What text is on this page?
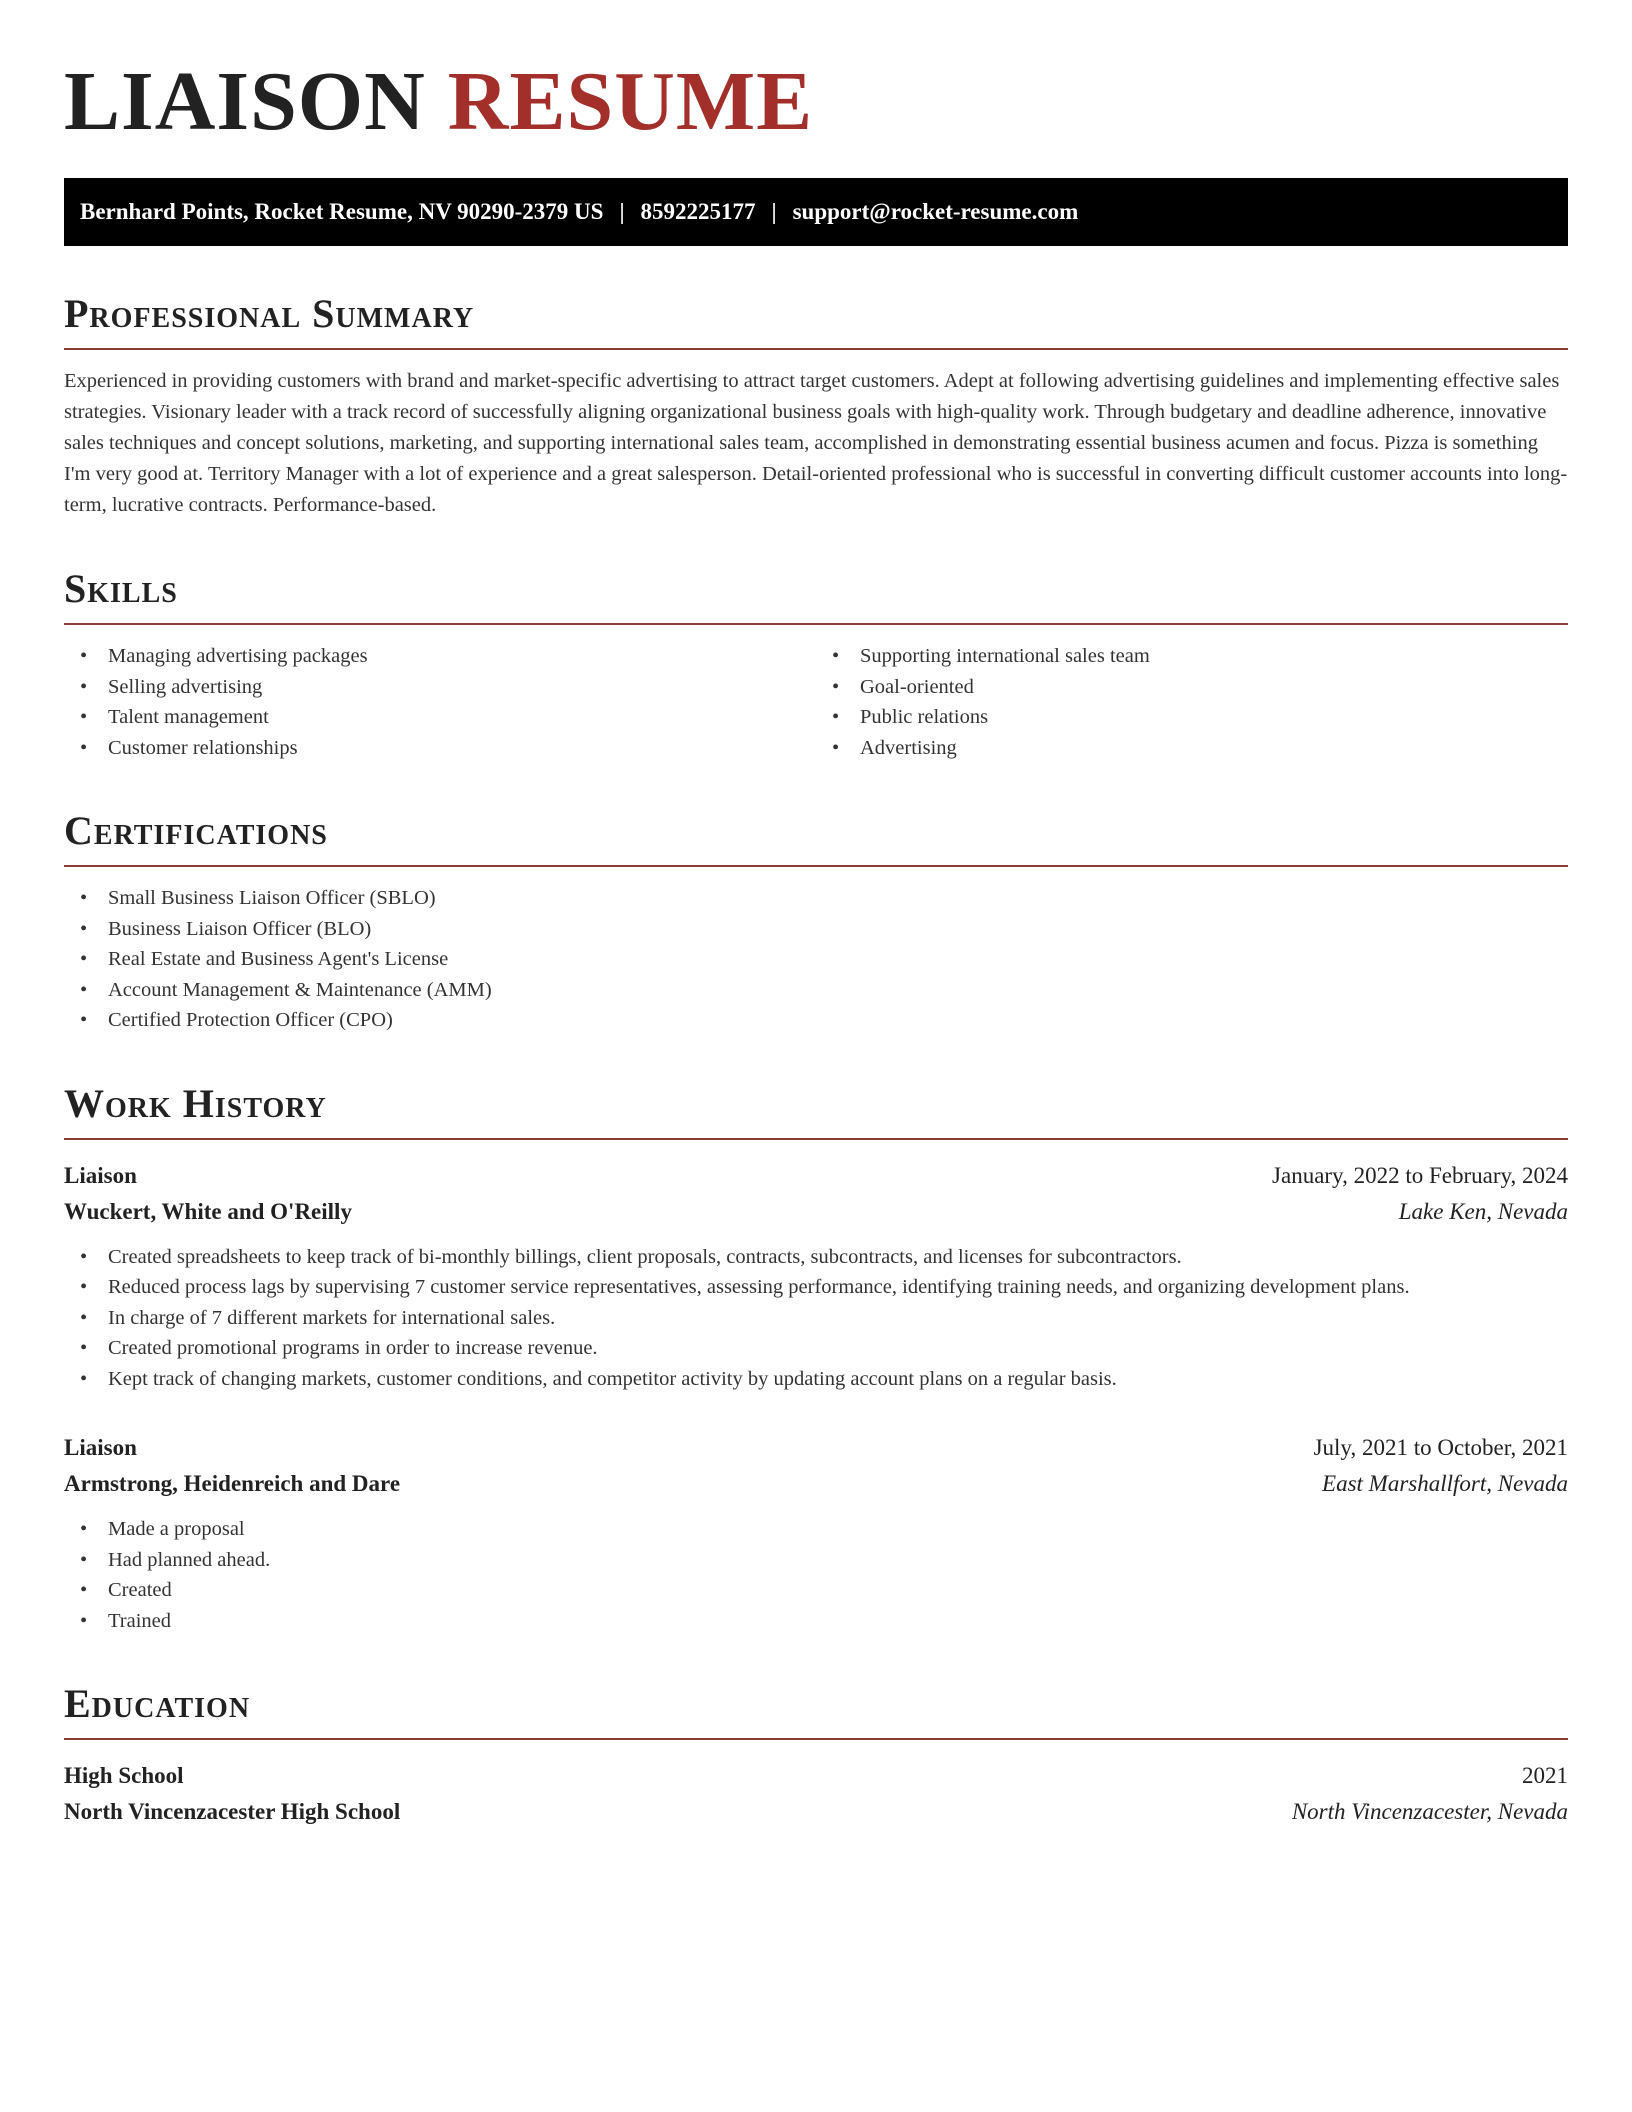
LIAISON RESUME
Bernhard Points, Rocket Resume, NV 90290-2379 US | 8592225177 | support@rocket-resume.com
Professional Summary

Experienced in providing customers with brand and market-specific advertising to attract target customers. Adept at following advertising guidelines and implementing effective sales strategies. Visionary leader with a track record of successfully aligning organizational business goals with high-quality work. Through budgetary and deadline adherence, innovative sales techniques and concept solutions, marketing, and supporting international sales team, accomplished in demonstrating essential business acumen and focus. Pizza is something I'm very good at. Territory Manager with a lot of experience and a great salesperson. Detail-oriented professional who is successful in converting difficult customer accounts into long-term, lucrative contracts. Performance-based.

Skills
• Managing advertising packages
• Selling advertising
• Talent management
• Customer relationships
• Supporting international sales team
• Goal-oriented
• Public relations
• Advertising
Certifications
• Small Business Liaison Officer (SBLO)
• Business Liaison Officer (BLO)
• Real Estate and Business Agent's License
• Account Management & Maintenance (AMM)
• Certified Protection Officer (CPO)
Work History
Liaison	January, 2022 to February, 2024
Wuckert, White and O'Reilly	Lake Ken, Nevada
• Created spreadsheets to keep track of bi-monthly billings, client proposals, contracts, subcontracts, and licenses for subcontractors.
• Reduced process lags by supervising 7 customer service representatives, assessing performance, identifying training needs, and organizing development plans.
• In charge of 7 different markets for international sales.
• Created promotional programs in order to increase revenue.
• Kept track of changing markets, customer conditions, and competitor activity by updating account plans on a regular basis.
Liaison	July, 2021 to October, 2021
Armstrong, Heidenreich and Dare	East Marshallfort, Nevada
• Made a proposal
• Had planned ahead.
• Created
• Trained
Education
High School	2021
North Vincenzacester High School	North Vincenzacester, Nevada
